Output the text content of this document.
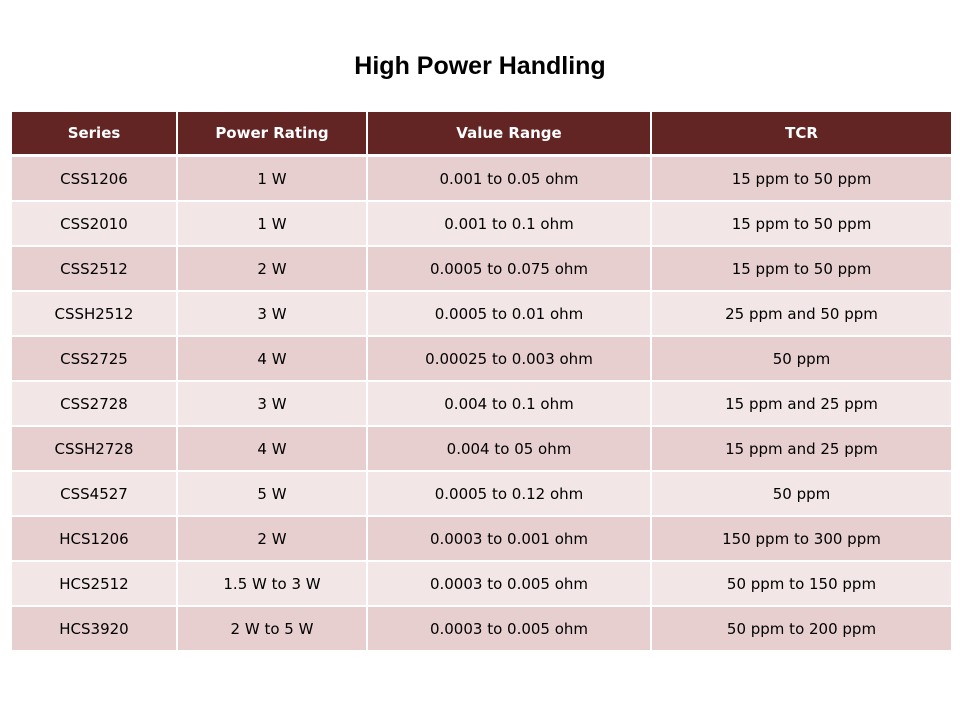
High Power Handling
Series	Power Rating	Value Range	TCR
CSS1206	1 W	0.001 to 0.05 ohm	15 ppm to 50 ppm
CSS2010	1 W	0.001 to 0.1 ohm	15 ppm to 50 ppm
CSS2512	2 W	0.0005 to 0.075 ohm	15 ppm to 50 ppm
CSSH2512	3 W	0.0005 to 0.01 ohm	25 ppm and 50 ppm
CSS2725	4 W	0.00025 to 0.003 ohm	50 ppm
CSS2728	3 W	0.004 to 0.1 ohm	15 ppm and 25 ppm
CSSH2728	4 W	0.004 to 05 ohm	15 ppm and 25 ppm
CSS4527	5 W	0.0005 to 0.12 ohm	50 ppm
HCS1206	2 W	0.0003 to 0.001 ohm	150 ppm to 300 ppm
HCS2512	1.5 W to 3 W	0.0003 to 0.005 ohm	50 ppm to 150 ppm
HCS3920	2 W to 5 W	0.0003 to 0.005 ohm	50 ppm to 200 ppm
